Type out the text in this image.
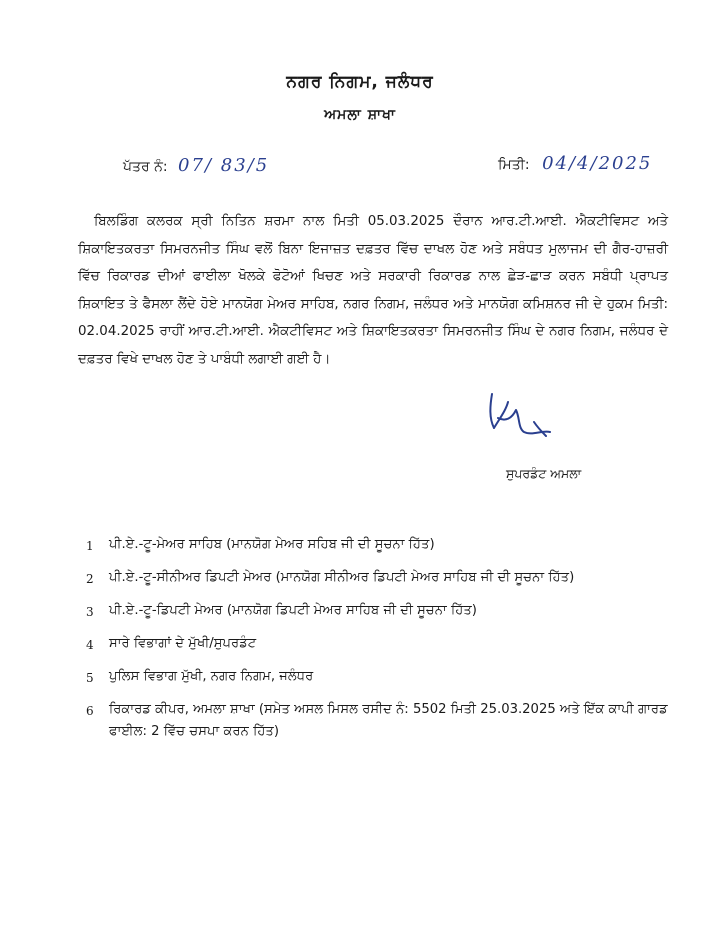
ਨਗਰ ਨਿਗਮ, ਜਲੰਧਰ
ਅਮਲਾ ਸ਼ਾਖਾ
ਪੱਤਰ ਨੰ: 07/ 83/5	ਮਿਤੀ: 04/4/2025
ਬਿਲਡਿੰਗ ਕਲਰਕ ਸ੍ਰੀ ਨਿਤਿਨ ਸ਼ਰਮਾ ਨਾਲ ਮਿਤੀ 05.03.2025 ਦੌਰਾਨ ਆਰ.ਟੀ.ਆਈ. ਐਕਟੀਵਿਸਟ ਅਤੇ ਸ਼ਿਕਾਇਤਕਰਤਾ ਸਿਮਰਨਜੀਤ ਸਿੰਘ ਵਲੋਂ ਬਿਨਾ ਇਜਾਜ਼ਤ ਦਫ਼ਤਰ ਵਿੱਚ ਦਾਖਲ ਹੋਣ ਅਤੇ ਸਬੰਧਤ ਮੁਲਾਜਮ ਦੀ ਗੈਰ-ਹਾਜ਼ਰੀ ਵਿੱਚ ਰਿਕਾਰਡ ਦੀਆਂ ਫਾਈਲਾ ਖੋਲਕੇ ਫੋਟੋਆਂ ਖਿਚਣ ਅਤੇ ਸਰਕਾਰੀ ਰਿਕਾਰਡ ਨਾਲ ਛੇੜ-ਛਾੜ ਕਰਨ ਸਬੰਧੀ ਪ੍ਰਾਪਤ ਸ਼ਿਕਾਇਤ ਤੇ ਫੈਸਲਾ ਲੈਂਦੇ ਹੋਏ ਮਾਨਯੋਗ ਮੇਅਰ ਸਾਹਿਬ, ਨਗਰ ਨਿਗਮ, ਜਲੰਧਰ ਅਤੇ ਮਾਨਯੋਗ ਕਮਿਸ਼ਨਰ ਜੀ ਦੇ ਹੁਕਮ ਮਿਤੀ: 02.04.2025 ਰਾਹੀਂ ਆਰ.ਟੀ.ਆਈ. ਐਕਟੀਵਿਸਟ ਅਤੇ ਸ਼ਿਕਾਇਤਕਰਤਾ ਸਿਮਰਨਜੀਤ ਸਿੰਘ ਦੇ ਨਗਰ ਨਿਗਮ, ਜਲੰਧਰ ਦੇ ਦਫ਼ਤਰ ਵਿਖੇ ਦਾਖਲ ਹੋਣ ਤੇ ਪਾਬੰਧੀ ਲਗਾਈ ਗਈ ਹੈ।
ਸੁਪਰਡੰਟ ਅਮਲਾ
1	ਪੀ.ਏ.-ਟੂ-ਮੇਅਰ ਸਾਹਿਬ (ਮਾਨਯੋਗ ਮੇਅਰ ਸਹਿਬ ਜੀ ਦੀ ਸੂਚਨਾ ਹਿੱਤ)
2	ਪੀ.ਏ.-ਟੂ-ਸੀਨੀਅਰ ਡਿਪਟੀ ਮੇਅਰ (ਮਾਨਯੋਗ ਸੀਨੀਅਰ ਡਿਪਟੀ ਮੇਅਰ ਸਾਹਿਬ ਜੀ ਦੀ ਸੂਚਨਾ ਹਿੱਤ)
3	ਪੀ.ਏ.-ਟੂ-ਡਿਪਟੀ ਮੇਅਰ (ਮਾਨਯੋਗ ਡਿਪਟੀ ਮੇਅਰ ਸਾਹਿਬ ਜੀ ਦੀ ਸੂਚਨਾ ਹਿੱਤ)
4	ਸਾਰੇ ਵਿਭਾਗਾਂ ਦੇ ਮੁੱਖੀ/ਸੁਪਰਡੰਟ
5	ਪੁਲਿਸ ਵਿਭਾਗ ਮੁੱਖੀ, ਨਗਰ ਨਿਗਮ, ਜਲੰਧਰ
6	ਰਿਕਾਰਡ ਕੀਪਰ, ਅਮਲਾ ਸ਼ਾਖਾ (ਸਮੇਤ ਅਸਲ ਮਿਸਲ ਰਸੀਦ ਨੰ: 5502 ਮਿਤੀ 25.03.2025 ਅਤੇ ਇੱਕ ਕਾਪੀ ਗਾਰਡ ਫਾਈਲ: 2 ਵਿੱਚ ਚਸਪਾ ਕਰਨ ਹਿੱਤ)
